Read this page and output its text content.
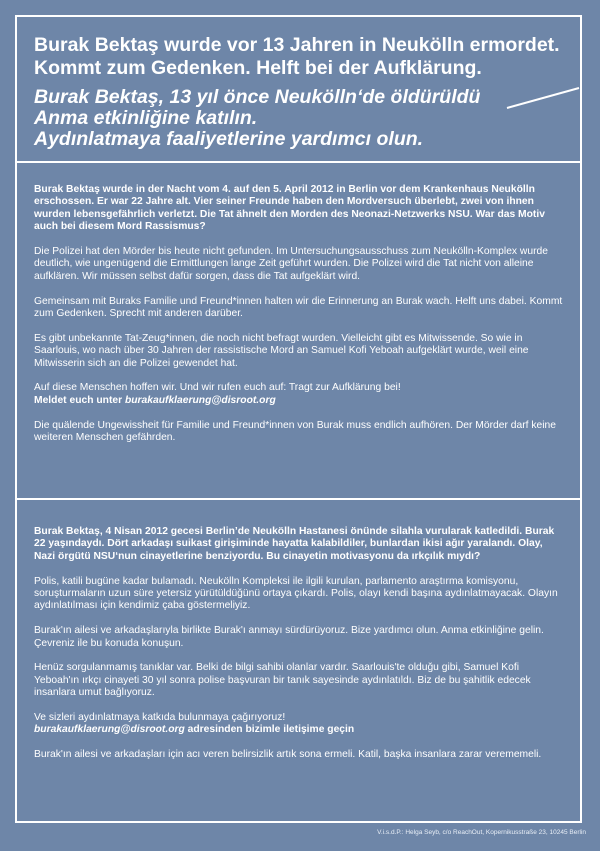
Burak Bektaş wurde vor 13 Jahren in Neukölln ermordet.
Kommt zum Gedenken. Helft bei der Aufklärung.
Burak Bektaş, 13 yıl önce Neukölln‘de öldürüldü
Anma etkinliğine katılın.
Aydınlatmaya faaliyetlerine yardımcı olun.

Burak Bektaş wurde in der Nacht vom 4. auf den 5. April 2012 in Berlin vor dem Krankenhaus Neukölln erschossen. Er war 22 Jahre alt. Vier seiner Freunde haben den Mordversuch überlebt, zwei von ihnen wurden lebensgefährlich verletzt. Die Tat ähnelt den Morden des Neonazi-Netzwerks NSU. War das Motiv auch bei diesem Mord Rassismus?

Die Polizei hat den Mörder bis heute nicht gefunden. Im Untersuchungsausschuss zum Neukölln-Komplex wurde deutlich, wie ungenügend die Ermittlungen lange Zeit geführt wurden. Die Polizei wird die Tat nicht von alleine aufklären. Wir müssen selbst dafür sorgen, dass die Tat aufgeklärt wird.

Gemeinsam mit Buraks Familie und Freund*innen halten wir die Erinnerung an Burak wach. Helft uns dabei. Kommt zum Gedenken. Sprecht mit anderen darüber.

Es gibt unbekannte Tat-Zeug*innen, die noch nicht befragt wurden. Vielleicht gibt es Mitwissende. So wie in Saarlouis, wo nach über 30 Jahren der rassistische Mord an Samuel Kofi Yeboah aufgeklärt wurde, weil eine Mitwisserin sich an die Polizei gewendet hat.

Auf diese Menschen hoffen wir. Und wir rufen euch auf: Tragt zur Aufklärung bei!
Meldet euch unter burakaufklaerung@disroot.org

Die quälende Ungewissheit für Familie und Freund*innen von Burak muss endlich aufhören. Der Mörder darf keine weiteren Menschen gefährden.

Burak Bektaş, 4 Nisan 2012 gecesi Berlin’de Neukölln Hastanesi önünde silahla vurularak katledildi. Burak 22 yaşındaydı. Dört arkadaşı suikast girişiminde hayatta kalabildiler, bunlardan ikisi ağır yaralandı. Olay, Nazi örgütü NSU‘nun cinayetlerine benziyordu. Bu cinayetin motivasyonu da ırkçılık mıydı?

Polis, katili bugüne kadar bulamadı. Neukölln Kompleksi ile ilgili kurulan, parlamento araştırma komisyonu, soruşturmaların uzun süre yetersiz yürütüldüğünü ortaya çıkardı. Polis, olayı kendi başına aydınlatmayacak. Olayın aydınlatılması için kendimiz çaba göstermeliyiz.

Burak'ın ailesi ve arkadaşlarıyla birlikte Burak'ı anmayı sürdürüyoruz. Bize yardımcı olun. Anma etkinliğine gelin. Çevreniz ile bu konuda konuşun.

Henüz sorgulanmamış tanıklar var. Belki de bilgi sahibi olanlar vardır. Saarlouis'te olduğu gibi, Samuel Kofi Yeboah'ın ırkçı cinayeti 30 yıl sonra polise başvuran bir tanık sayesinde aydınlatıldı. Biz de bu şahitlik edecek insanlara umut bağlıyoruz.

Ve sizleri aydınlatmaya katkıda bulunmaya çağırıyoruz!
burakaufklaerung@disroot.org adresinden bizimle iletişime geçin

Burak'ın ailesi ve arkadaşları için acı veren belirsizlik artık sona ermeli. Katil, başka insanlara zarar verememeli.

V.i.s.d.P.: Helga Seyb, c/o ReachOut, Kopernikusstraße 23, 10245 Berlin
